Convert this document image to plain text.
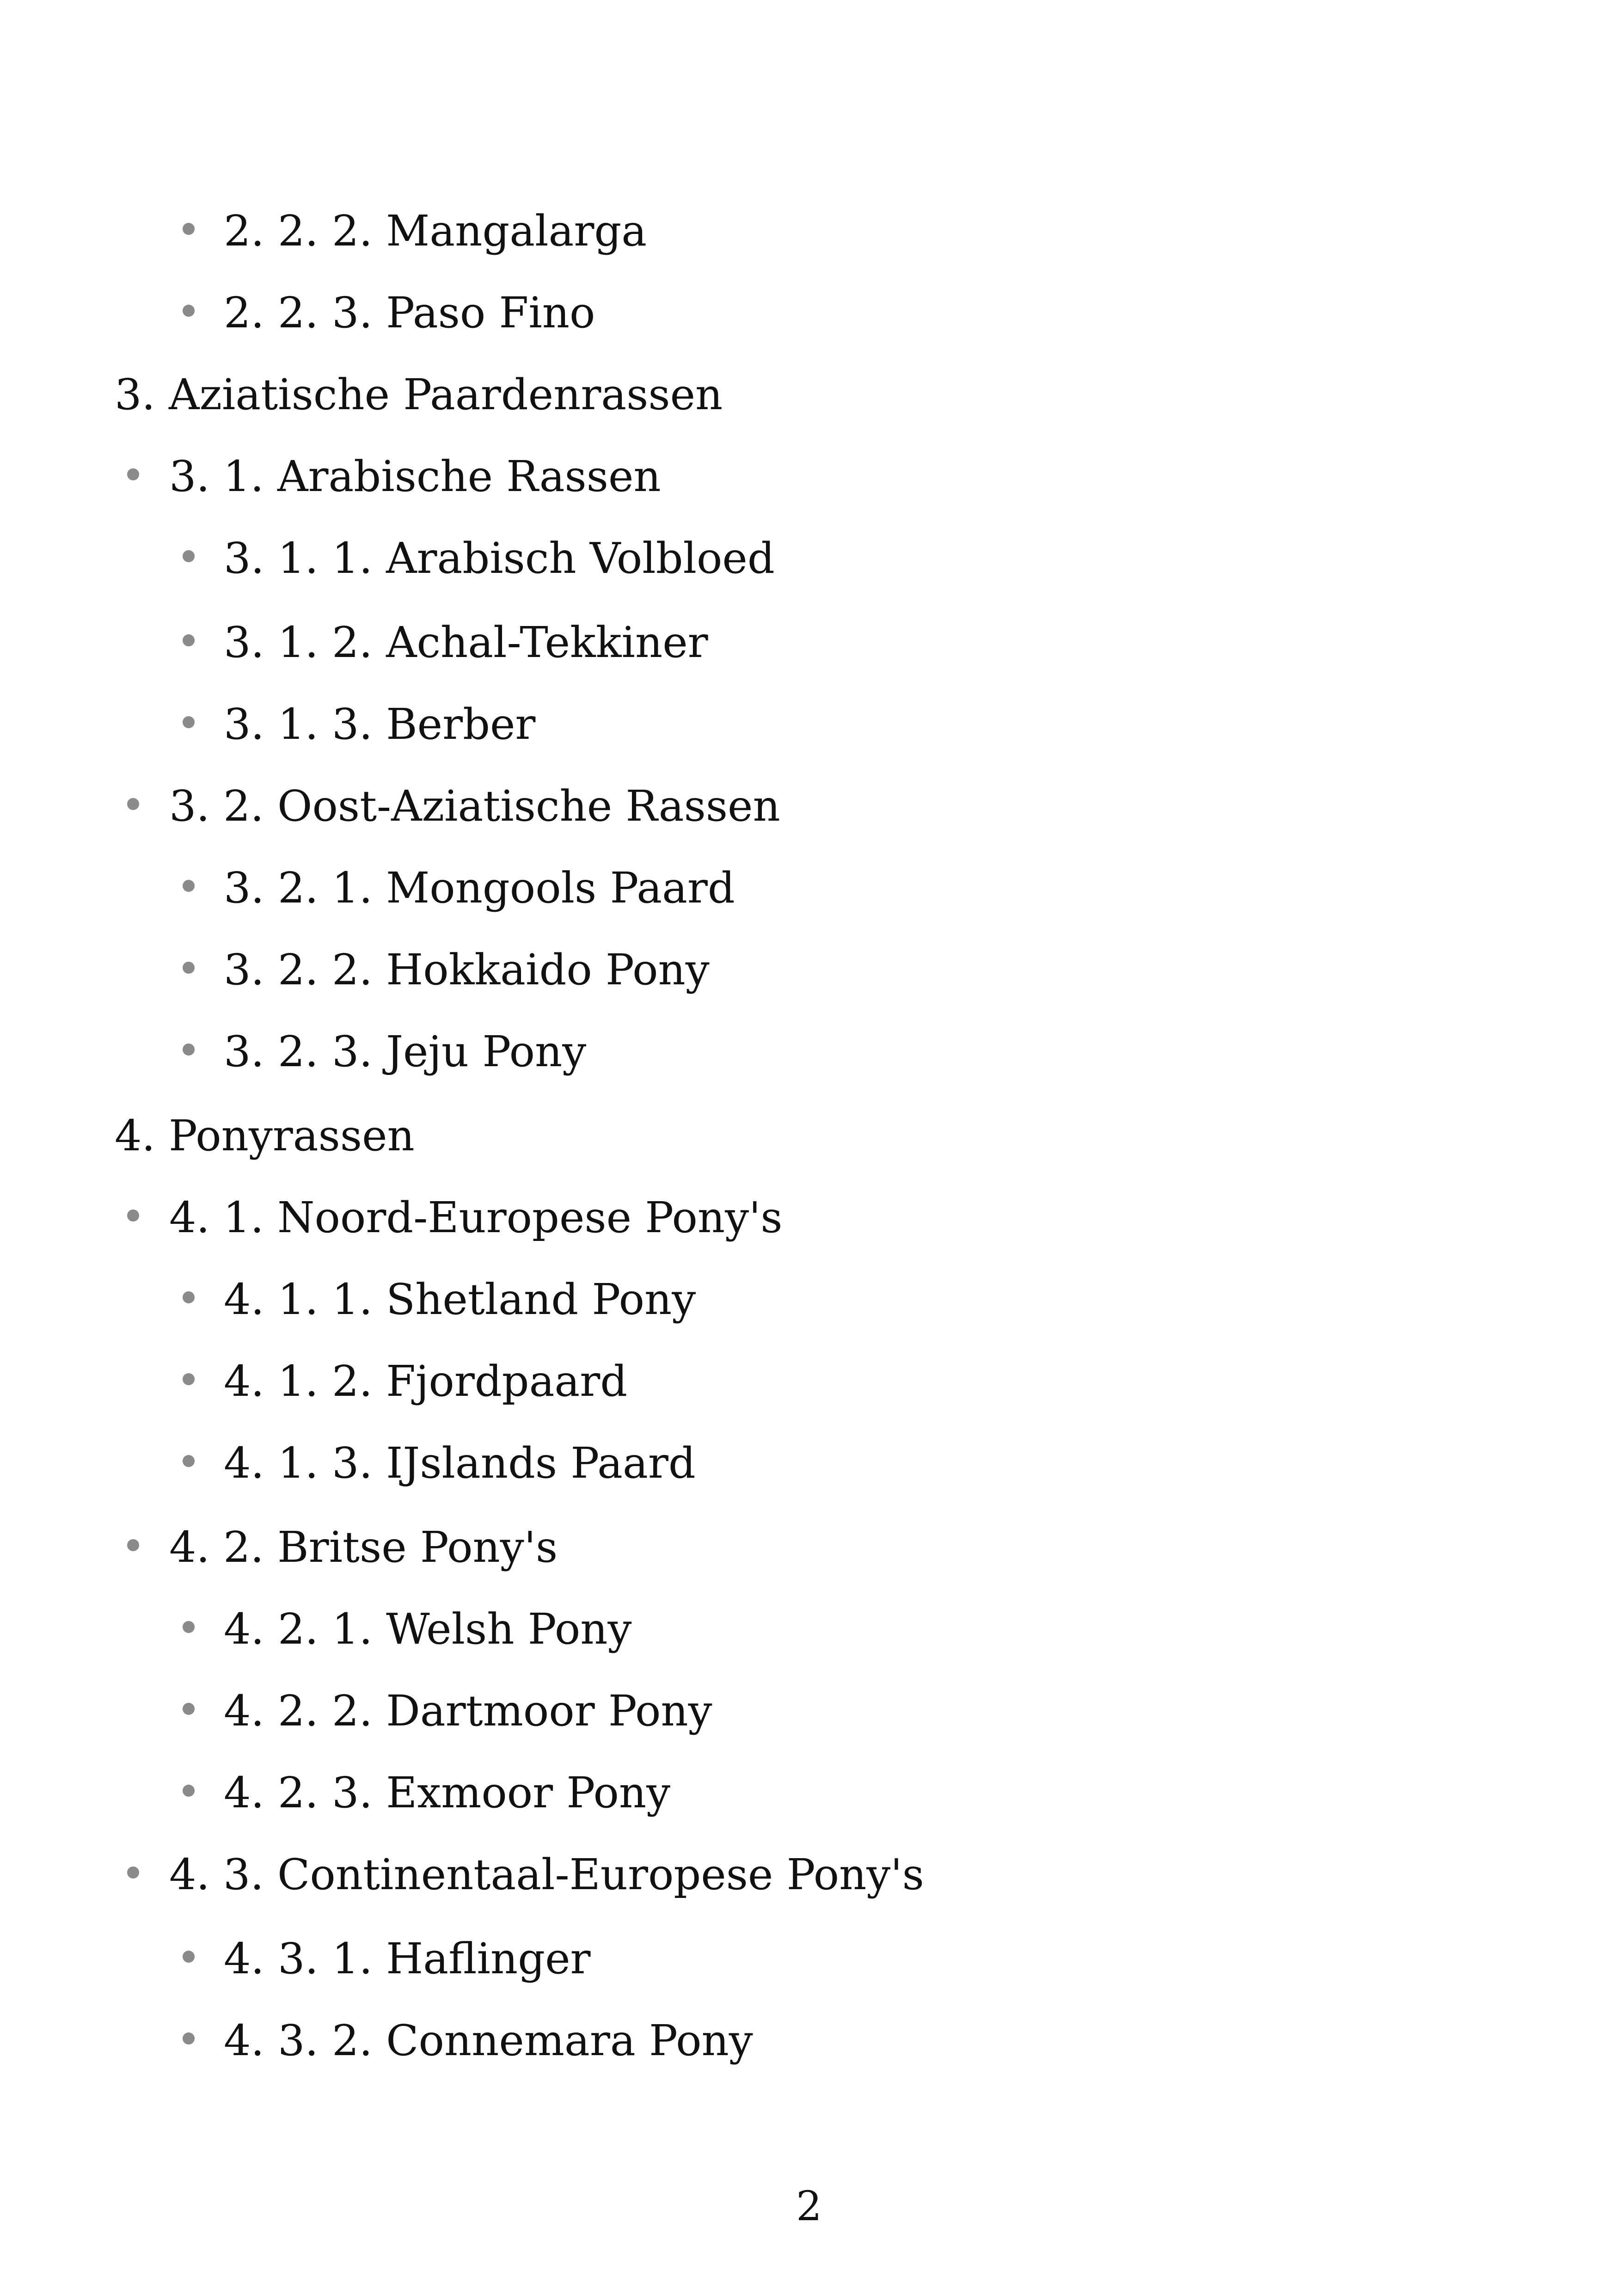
2. 2. 2. Mangalarga
2. 2. 3. Paso Fino
3. Aziatische Paardenrassen
3. 1. Arabische Rassen
3. 1. 1. Arabisch Volbloed
3. 1. 2. Achal-Tekkiner
3. 1. 3. Berber
3. 2. Oost-Aziatische Rassen
3. 2. 1. Mongools Paard
3. 2. 2. Hokkaido Pony
3. 2. 3. Jeju Pony
4. Ponyrassen
4. 1. Noord-Europese Pony's
4. 1. 1. Shetland Pony
4. 1. 2. Fjordpaard
4. 1. 3. IJslands Paard
4. 2. Britse Pony's
4. 2. 1. Welsh Pony
4. 2. 2. Dartmoor Pony
4. 2. 3. Exmoor Pony
4. 3. Continentaal-Europese Pony's
4. 3. 1. Haflinger
4. 3. 2. Connemara Pony
2
